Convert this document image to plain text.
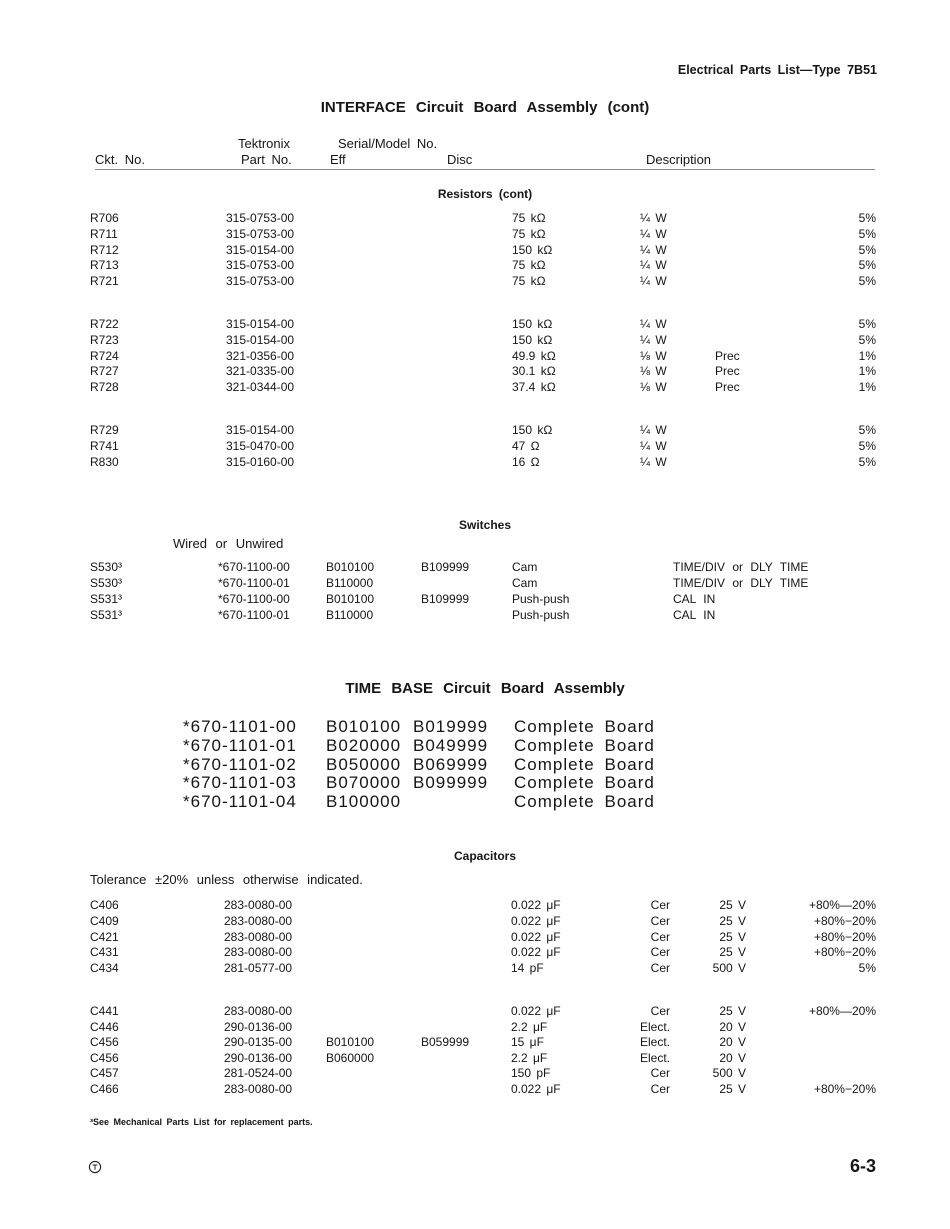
Electrical Parts List—Type 7B51
INTERFACE Circuit Board Assembly (cont)
Tektronix	Serial/Model No.
Ckt. No.	Part No.	Eff	Disc	Description
Resistors (cont)
R706	315-0753-00	75 kΩ	¼ W	5%
R711	315-0753-00	75 kΩ	¼ W	5%
R712	315-0154-00	150 kΩ	¼ W	5%
R713	315-0753-00	75 kΩ	¼ W	5%
R721	315-0753-00	75 kΩ	¼ W	5%
R722	315-0154-00	150 kΩ	¼ W	5%
R723	315-0154-00	150 kΩ	¼ W	5%
R724	321-0356-00	49.9 kΩ	⅛ W	Prec	1%
R727	321-0335-00	30.1 kΩ	⅛ W	Prec	1%
R728	321-0344-00	37.4 kΩ	⅛ W	Prec	1%
R729	315-0154-00	150 kΩ	¼ W	5%
R741	315-0470-00	47 Ω	¼ W	5%
R830	315-0160-00	16 Ω	¼ W	5%
Switches
Wired or Unwired
S530³	*670-1100-00	B010100	B109999	Cam	TIME/DIV or DLY TIME
S530³	*670-1100-01	B110000	Cam	TIME/DIV or DLY TIME
S531³	*670-1100-00	B010100	B109999	Push-push	CAL IN
S531³	*670-1100-01	B110000	Push-push	CAL IN
TIME BASE Circuit Board Assembly
*670-1101-00 B010100 B019999 Complete Board
*670-1101-01 B020000 B049999 Complete Board
*670-1101-02 B050000 B069999 Complete Board
*670-1101-03 B070000 B099999 Complete Board
*670-1101-04 B100000	Complete Board
Capacitors
Tolerance ±20% unless otherwise indicated.
C406	283-0080-00	0.022 μF	Cer	25 V	+80%—20%
C409	283-0080-00	0.022 μF	Cer	25 V	+80%−20%
C421	283-0080-00	0.022 μF	Cer	25 V	+80%−20%
C431	283-0080-00	0.022 μF	Cer	25 V	+80%−20%
C434	281-0577-00	14 pF	Cer	500 V	5%
C441	283-0080-00	0.022 μF	Cer	25 V	+80%—20%
C446	290-0136-00	2.2 μF	Elect.	20 V
C456	290-0135-00	B010100	B059999	15 μF	Elect.	20 V
C456	290-0136-00	B060000	2.2 μF	Elect.	20 V
C457	281-0524-00	150 pF	Cer	500 V
C466	283-0080-00	0.022 μF	Cer	25 V	+80%−20%
³See Mechanical Parts List for replacement parts.
6-3
